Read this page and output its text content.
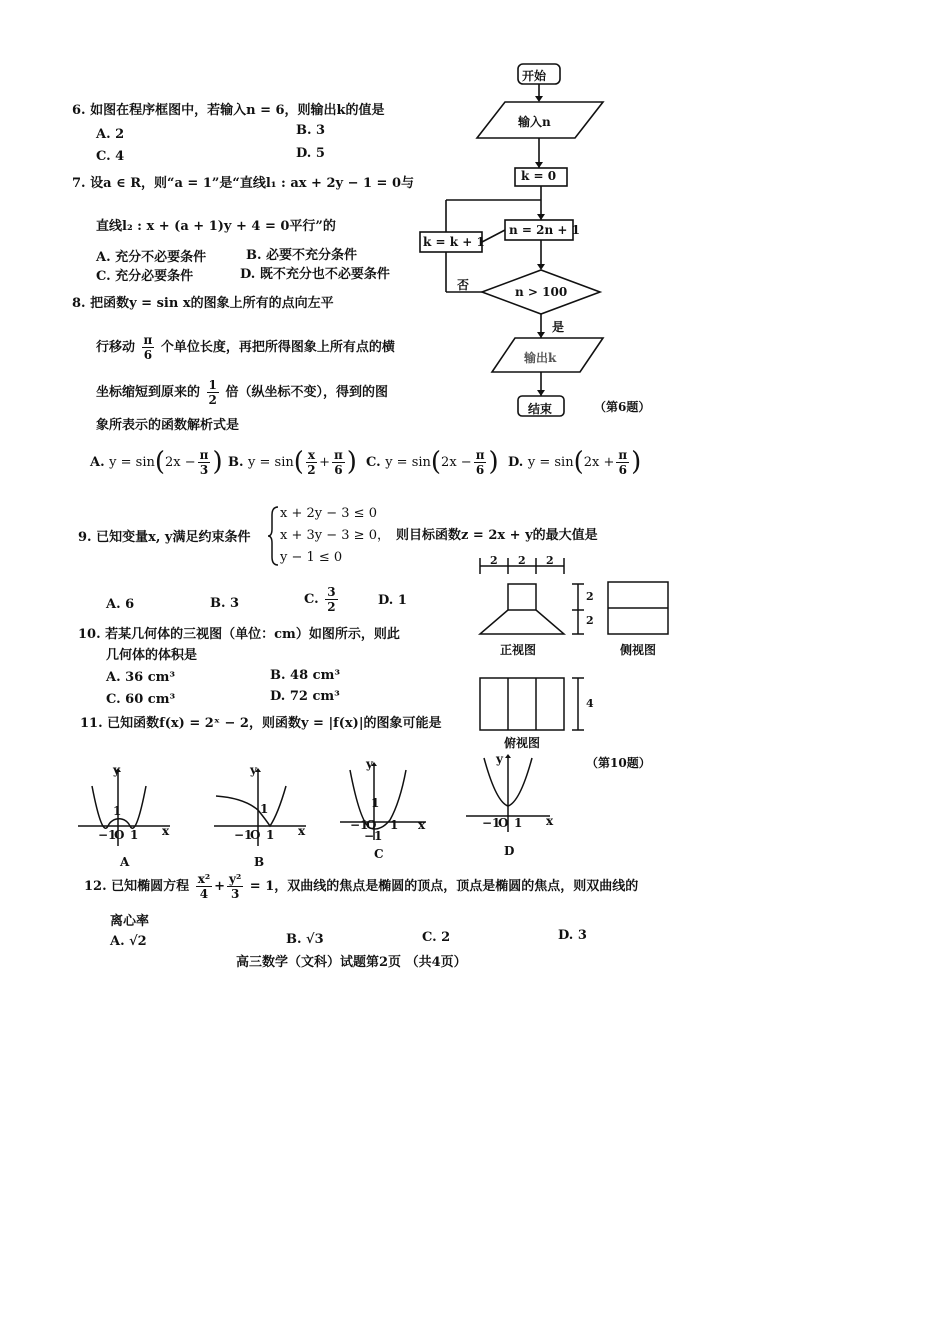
6. 如图在程序框图中，若输入n = 6，则输出k的值是
A. 2	B. 3
C. 4	D. 5
7. 设a ∈ R，则“a = 1”是“直线l₁ : ax + 2y − 1 = 0与
直线l₂ : x + (a + 1)y + 4 = 0平行”的
A. 充分不必要条件	B. 必要不充分条件
C. 充分必要条件	D. 既不充分也不必要条件
8. 把函数y = sin x的图象上所有的点向左平
行移动 $\frac{\pi}{6}$ 个单位长度，再把所得图象上所有点的横
坐标缩短到原来的 $\frac{1}{2}$ 倍（纵坐标不变），得到的图
象所表示的函数解析式是
A. $y = \sin(2x - \frac{\pi}{3}$ ) B. $y = \sin( \frac{x}{2} + \frac{\pi}{6}$ ) C. $y = \sin(2x - \frac{\pi}{6}$ ) D. $y = \sin(2x + \frac{\pi}{6}$ )
9. 已知变量x, y满足约束条件
x + 2y − 3 ≤ 0
x + 3y − 3 ≥ 0，
y − 1 ≤ 0
则目标函数z = 2x + y的最大值是
A. 6	B. 3	C. $\frac{3}{2}$	D. 1
10. 若某几何体的三视图（单位：cm）如图所示，则此
几何体的体积是
A. 36 cm³	B. 48 cm³
C. 60 cm³	D. 72 cm³
11. 已知函数f(x) = 2ˣ − 2，则函数y = |f(x)|的图象可能是
12. 已知椭圆方程 $\frac{\text{x²}}{4} + \frac{\text{y²}}{3} = 1$，双曲线的焦点是椭圆的顶点，顶点是椭圆的焦点，则双曲线的
离心率
A. √2	B. √3	C. 2	D. 3
高三数学（文科）试题第2页 （共4页）
开始
输入n
k = 0
n = 2n + 1
k = k + 1
n > 100
否
是
输出k
结束	（第6题）
2 2 2
2
2
4
正视图	侧视图
俯视图
（第10题）
y
x
−1
O 1
1
A
y
x
−1
O 1
1
B
y
x
−1
O 1
1
−1
C
y
x
−1
O 1
D
